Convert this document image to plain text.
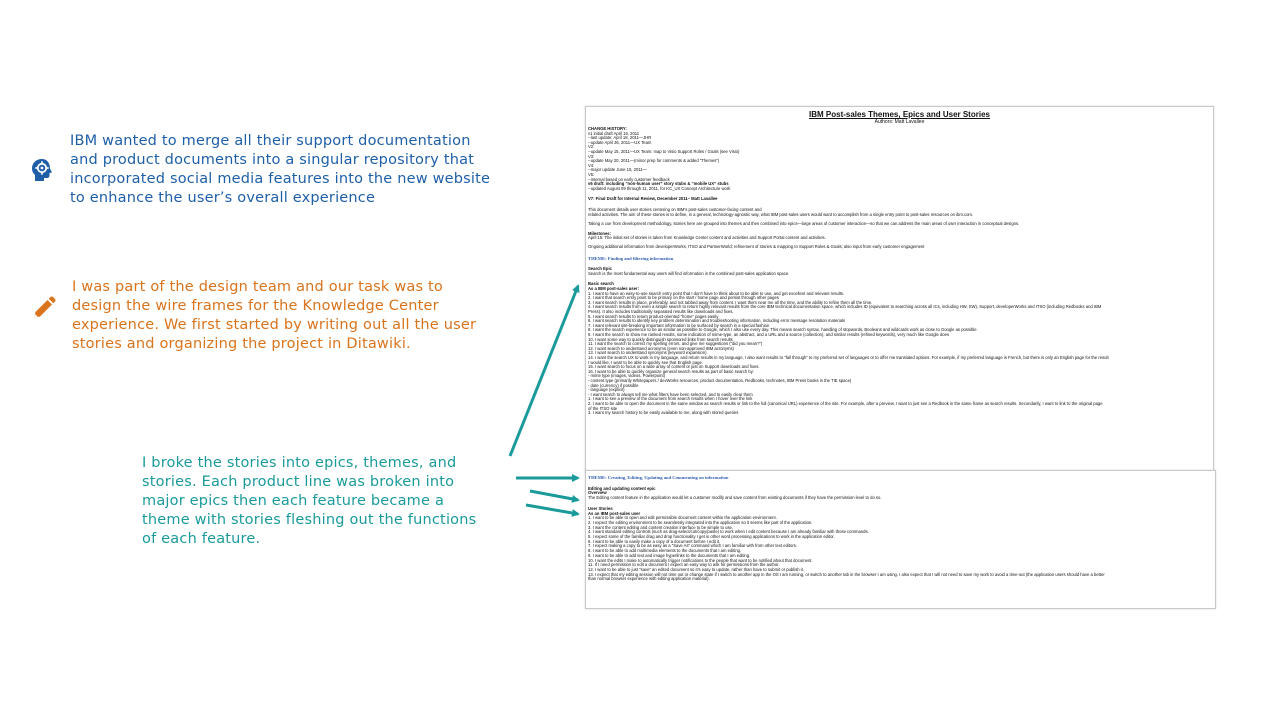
IBM wanted to merge all their support documentation
and product documents into a singular repository that
incorporated social media features into the new website
to enhance the user’s overall experience
I was part of the design team and our task was to
design the wire frames for the Knowledge Center
experience. We first started by writing out all the user
stories and organizing the project in Ditawiki.
I broke the stories into epics, themes, and
stories. Each product line was broken into
major epics then each feature became a
theme with stories fleshing out the functions
of each feature.
IBM Post-sales Themes, Epics and User Stories
Authors: Matt Lavallee
CHANGE HISTORY:
v1 initial draft April 15, 2011
--last update: April 18, 2011—JHR
--update April 26, 2011—UX Team
V2:
--update May 15, 2011—UX Team: map to Visio Support Roles / Goals (see Visio)
V3:
--update May 20, 2011—(minor prep for comments & added “Themes”)
V4:
--major update June 15, 2011—
V5:
--internal based on early customer feedback
v6 draft: including “non-human user” story stubs & “mobile UX” stubs
--updated August 09 through 11, 2011, for KC_UX Concept Architecture work
V7: Final Draft for Internal Review, December 2011– Matt Lavallee
This document details user stories centering on IBM’s post-sales customer-facing content and
related activities. The aim of these stories is to define, in a general, technology-agnostic way, what IBM post-sales users would want to accomplish from a single entry point to post-sales resources on ibm.com.
Taking a cue from development methodology, stories here are grouped into themes and then combined into epics—large areas of customer interaction—so that we can address the main areas of user interaction in conceptual designs.
Milestones:
April 15: The initial set of stories is taken from Knowledge Center content and activities and Support Portal content and activities.
Ongoing additional information from developerWorks, ITSO and PartnerWorld; refinement of stories & mapping to Support Roles & Goals; also input from early customer engagement
THEME: Finding and filtering information
Search Epic
Search is the most fundamental way users will find information in the combined post-sales application space.
Basic search
As a IBM post-sales user:
1. I want to have an easy-to-use search entry point that I don't have to think about to be able to use, and get excellent and relevant results.
2. I want that search entry point to be primary on the start / home page and persist through other pages
3. I want search results in place, preferably, and not tabbed away from content. I want them near me all the time, and the ability to refine them all the time.
4. I want search results from even a simple search to return highly relevant results from the core IBM technical documentation space, which includes ID (equivalent to searching across all ICs, including HW, SW), Support, developerWorks and ITSO (including Redbooks and IBM
Press). It also includes traditionally separated results like downloads and fixes.
5. I want search results to return product-oriented “home” pages easily
6. I want search results to identify key problem determination and troubleshooting information, including error message resolution materials
7. I want relevant site-breaking important information to be surfaced by search in a special fashion
8. I want the search experience to be as similar as possible to Google, which I also use every day. This means search syntax, handling of stopwords, Booleans and wildcards work as close to Google as possible
9. I want the search to show me ranked results, some indication of mime-type, an abstract, and a URL and a source (collection), and similar results (refined keywords), very much like Google does
10. I want some way to quickly distinguish sponsored links from search results
11. I want the search to correct my spelling errors, and give me suggestions (“did you mean?”)
12. I want search to understand acronyms (even non-approved IBM acronyms)
13. I want search to understand synonyms (keyword expansion)
14. I want the search UX to work in my language, and return results in my language, I also want results to “fall through” to my preferred set of languages or to offer me translated options. For example, if my preferred language is French, but there is only an English page for the result
I would like, I want to be able to quickly see that English page.
15. I want search to focus on a wide array of content or just on Support downloads and fixes.
16. I want to be able to quickly organize general search results as part of basic search by:
- mime type (images, videos, Powerpoint)
- content type (primarily Whitepapers / devWorks resources, product documentation, Redbooks, technotes, IBM Press books in the TIE space)
- date (currency) if possible
- language (explicit)
- I want search to always tell me what filters have been selected, and to easily clear them
1. I want to see a preview of the document from search results when I hover over the link
2. I want to be able to open the document in the same window as search results or link to the full (canonical URL) experience of the site. For example, after a preview, I want to just see a Redbook in the same frame as search results. Secondarily, I want to link to the original page
of the ITSO site
3. I want my search history to be easily available to me, along with stored queries
THEME: Creating, Editing, Updating and Commenting on information
Editing and updating content epic
Overview
The Editing content feature in the application would let a customer modify and save content from existing documents if they have the permission level to do so.
User Stories
As an IBM post-sales user
1. I want to be able to open and edit permissible document content within the application environment.
2. I expect the editing environment to be seamlessly integrated into the application so it seems like part of the application.
3. I want the content editing and content creation interface to be simple to use.
4. I want standard editing controls (such as drag-select/cut/copy/paste) to work when I edit content because I am already familiar with those commands.
5. I expect some of the familiar drag and drop functionality I get in other word processing applications to work in the application editor.
6. I want to be able to easily make a copy of a document before I edit it.
7. I expect making a copy to be as easy as a “Save As” command which I am familiar with from other text editors.
8. I want to be able to add multimedia elements to the documents that I am editing.
9. I want to be able to add text and image hyperlinks to the documents that I am editing.
10. I want the edits I make to automatically trigger notifications to the people that want to be notified about that document.
11. If I need permission to edit a document I expect an easy way to ask for permissions from the author.
12. I want to be able to just “save” an edited document so it’s easy to update, rather than have to submit or publish it.
13. I expect that my editing session will not time out or change state if I switch to another app in the OS I am running, or switch to another tab in the browser I am using. I also expect that I will not need to save my work to avoid a time-out (the application users should have a better
than normal browser experience with editing application material).
